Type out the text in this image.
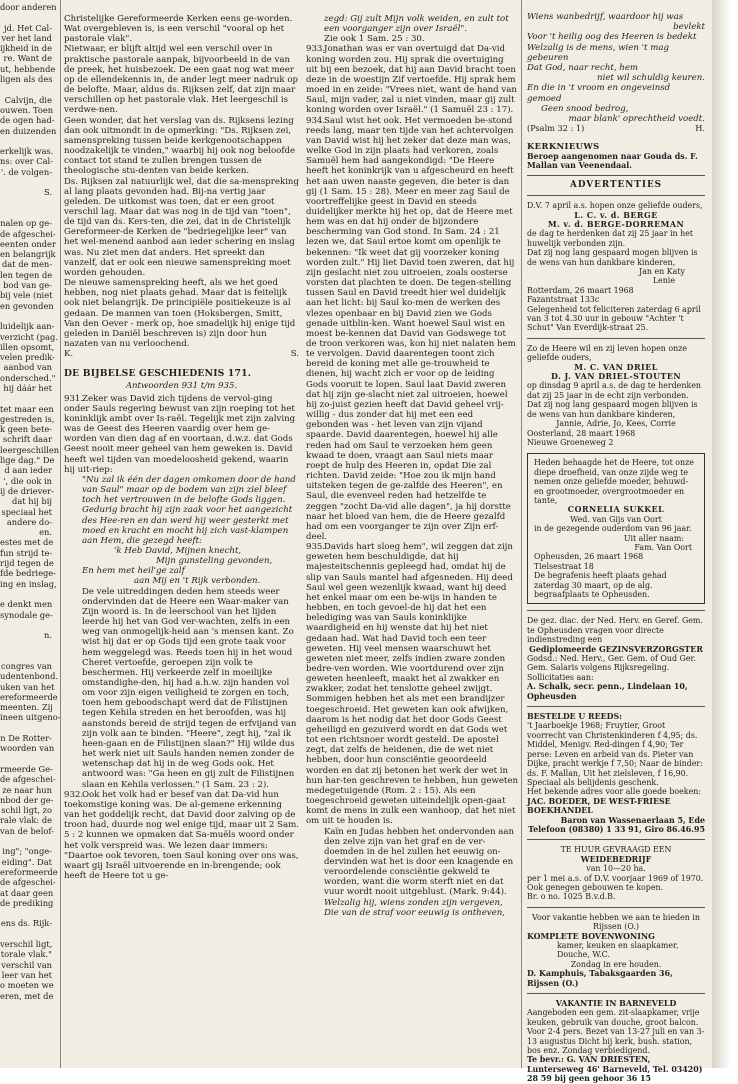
door anderen

jd. Het Cal-

ver het land

ijkheid in de

re. Want de

ut, hebbende

ligen als des

Calvijn, die

ouwen. Toen

de ogen had-

en duizenden

erkelijk was.

ns: over Cal-

'. de volgen-

S.

nalen op ge-

de afgeschei-

eenten onder

en belangrijk

dat de men-

len tegen de

bod van ge-

bij vele (niet

en gevonden

luidelijk aan-

verzicht (pag.

illen opsomt,

velen predik-

aanbod van

ondersched."

hij dáár het

tet maar een

gestreden is,

k geen bete-

schrift daar

leergeschillen

lige dag." De

d aan ieder

', die ook in

ij de driever-

dat hij bij

speciaal het

andere do-

en.

estes met de

fun strijd te-

rijd tegen de

fde bedriege-

ing en inslag,

e denkt men

synodale ge-

n.

congres van

udentenbond.

uken van het

ereformeerde

meenten. Zij

ineen uitgeno-

n De Rotter-

woorden van

rmeerde Ge-

de afgeschei-

ze naar hun

nbod der ge-

schil ligt, zo

rale vlak: de

van de belof-

ing"; "onge-

eiding". Dat

ereformeerde

de afgeschei-

at daar geen

de prediking

ens ds. Rijk-

verschil ligt,

torale vlak."

verschil van

leer van het

o moeten we

eren, met de

Christelijke Gereformeerde Kerken eens ge-worden. Wat overgebleven is, is een verschil "vooral op het pastorale vlak".

Nietwaar, er blijft altijd wel een verschil over in praktische pastorale aanpak, bijvoorbeeld in de van de preek, het huisbezoek. De een gaat nog wat meer op de ellendekennis in, de ander legt meer nadruk op de belofte. Maar, aldus ds. Rijksen zelf, dat zijn maar verschillen op het pastorale vlak. Het leergeschil is verdwe-nen.

Geen wonder, dat het verslag van ds. Rijksens lezing dan ook uitmondt in de opmerking: "Ds. Rijksen zei, samenspreking tussen beide kerkgenootschappen noodzakelijk te vinden," waarbij hij ook nog beloofde contact tot stand te zullen brengen tussen de theologische stu-denten van beide kerken.

Ds. Rijksen zal natuurlijk wel, dat die sa-menspreking al lang plaats gevonden had. Bij-na vertig jaar geleden. De uitkomst was toen, dat er een groot verschil lag. Maar dat was nog in de tijd van "toen", de tijd van ds. Kers-ten, die zei, dat in de Christelijk Gereformeer-de Kerken de "bedriegelijke leer" van het wel-menend aanbod aan ieder schering en inslag was. Nu ziet men dat anders. Het spreekt dan vanzelf, dat er ook een nieuwe samenspreking moet worden gehouden.

De nieuwe samenspreking heeft, als we het goed hebben, nog niet plaats gehad. Maar dat is feitelijk ook niet belangrijk. De principiële positiekeuze is al gedaan. De mannen van toen (Hoksbergen, Smitt, Van den Oever - merk op, hoe smadelijk hij enige tijd geleden in Daniël beschreven is) zijn door hun nazaten van nu verloochend.

K.	S.
DE BIJBELSE GESCHIEDENIS 171.
Antwoorden 931 t/m 935.

931.Zeker was David zich tijdens de vervol-ging onder Sauls regering bewust van zijn roeping tot het koninklijk ambt over Is-raël. Tegelijk met zijn zalving was de Geest des Heeren vaardig over hem ge-worden van dien dag af en voortaan, d.w.z. dat Gods Geest nooit meer geheel van hem geweken is. David heeft wel tijden van moedeloosheid gekend, waarin hij uit-riep:

"Nu zal ik één der dagen omkomen door de hand van Saul" maar op de bodem van zijn ziel bleef toch het vertrouwen in de belofte Gods liggen. Gedurig bracht hij zijn zaak voor het aangezicht des Hee-ren en dan werd hij weer gesterkt met moed en kracht en mocht hij zich vast-klampen aan Hem, die gezegd heeft:

'k Heb David, Mijnen knecht,

Mijn gunsteling gevonden,

En hem met heil'ge zalf

aan Mij en 't Rijk verbonden.

De vele uitreddingen deden hem steeds weer ondervinden dat de Heere een Waar-maker van Zijn woord is. In de leerschool van het lijden leerde hij het van God ver-wachten, zelfs in een weg van onmogelijk-heid aan 's mensen kant. Zo wist hij dat er op Gods tijd een grote taak voor hem weggelegd was. Reeds toen hij in het woud Cheret vertoefde, geroepen zijn volk te beschermen. Hij verkeerde zelf in moeilijke omstandighe-den, hij had a.h.w. zijn handen vol om voor zijn eigen veiligheid te zorgen en toch, toen hem geboodschapt werd dat de Filistijnen tegen Kehila streden en het beroofden, was hij aanstonds bereid de strijd tegen de erfvijand van zijn volk aan te binden. "Heere", zegt hij, "zal ik heen-gaan en de Filistijnen slaan?" Hij wilde dus het werk niet uit Sauls handen nemen zonder de wetenschap dat hij in de weg Gods ook. Het antwoord was: "Ga heen en gij zult de Filistijnen slaan en Kehila verlossen." (1 Sam. 23 : 2).

932.Ook het volk had er besef van dat Da-vid hun toekomstige koning was. De al-gemene erkenning van het goddelijk recht, dat David door zalving op de troon had, duurde nog wel enige tijd, maar uit 2 Sam. 5 : 2 kunnen we opmaken dat Sa-muëls woord onder het volk verspreid was. We lezen daar immers: "Daartoe ook tevoren, toen Saul koning over ons was, waart gij Israël uitvoerende en in-brengende; ook heeft de Heere tot u ge-

zegd: Gij zult Mijn volk weiden, en zult tot een voorganger zijn over Israël".

Zie ook 1 Sam. 25 : 30.

933.Jonathan was er van overtuigd dat Da-vid koning worden zou. Hij sprak die overtuiging uit bij een bezoek, dat hij aan David bracht toen deze in de woestijn Zif vertoefde. Hij sprak hem moed in en zeide: "Vrees niet, want de hand van Saul, mijn vader, zal u niet vinden, maar gij zult koning worden over Israël." (1 Samuël 23 : 17).

934.Saul wist het ook. Het vermoeden be-stond reeds lang, maar ten tijde van het achtervolgen van David wist hij het zeker dat deze man was, welke God in zijn plaats had verkoren, zoals Samuël hem had aangekondigd: "De Heere heeft het koninkrijk van u afgescheurd en heeft het aan uwen naaste gegeven, die beter is dan gij (1 Sam. 15 : 28). Meer en meer zag Saul de voortreffelijke geest in David en steeds duidelijker merkte hij het op, dat de Heere met hem was en dat hij onder de bijzondere bescherming van God stond. In Sam. 24 : 21 lezen we, dat Saul ertoe komt om openlijk te bekennen: "Ik weet dat gij voorzeker koning worden zult." Hij liet David toen zweren, dat hij zijn geslacht niet zou uitroeien, zoals oosterse vorsten dat plachten te doen. De tegen-stelling tussen Saul en David treedt hier wel duidelijk aan het licht: bij Saul ko-men de werken des vlezes openbaar en bij David zien we Gods genade uitblin-ken. Want hoewel Saul wist en moest be-kennen dat David van Godswege tot de troon verkoren was, kon hij niet nalaten hem te vervolgen. David daarentegen toont zich bereid de koning met alle ge-trouwheid te dienen, hij wacht zich er voor op de leiding Gods vooruit te lopen. Saul laat David zweren dat hij zijn ge-slacht niet zal uitroeien, hoewel hij zo-juist gezien heeft dat David geheel vrij-willig - dus zonder dat hij met een eed gebonden was - het leven van zijn vijand spaarde. David daarentegen, hoewel hij alle reden had om Saul te verzoeken hem geen kwaad te doen, vraagt aan Saul niets maar roept de hulp des Heeren in, opdat Die zal richten. David zeide: "Hoe zou ik mijn hand uitsteken tegen de ge-zalfde des Heeren", en Saul, die evenveel reden had hetzelfde te zeggen "zocht Da-vid alle dagen", ja hij dorstte naar het bloed van hem, die de Heere gezalfd had om een voorganger te zijn over Zijn erf-deel.

935.Davids hart sloeg hem", wil zeggen dat zijn geweten hem beschuldigde, dat hij majesteitschennis gepleegd had, omdat hij de slip van Sauls mantel had afgesneden. Hij deed Saul wel geen wezenlijk kwaad, want hij deed het enkel maar om een be-wijs in handen te hebben, en toch gevoel-de hij dat het een belediging was van Sauls koninklijke waardigheid en hij wenste dat hij het niet gedaan had. Wat had David toch een teer geweten. Hij veel mensen waarschuwt het geweten niet meer, zelfs indien zware zonden bedre-ven worden. Wie voortdurend over zijn geweten heenleeft, maakt het al zwakker en zwakker, zodat het tenslotte geheel zwijgt. Sommigen hebben het als met een brandijzer toegeschroeid. Het geweten kan ook afwijken, daarom is het nodig dat het door Gods Geest geheiligd en gezuiverd wordt en dat Gods wet tot een richtsnoer wordt gesteld. De apostel zegt, dat zelfs de heidenen, die de wet niet hebben, door hun consciëntie geoordeeld worden en dat zij betonen het werk der wet in hun har-ten geschreven te hebben, hun geweten medegetuigende (Rom. 2 : 15). Als een toegeschroeid geweten uiteindelijk open-gaat komt de mens in zulk een wanhoop, dat het niet om uit te houden is.

Kaïn en Judas hebben het ondervonden aan den zelve zijn van het graf en de ver-doemden in de hel zullen het eeuwig on-dervinden wat het is door een knagende en veroordelende consciëntie gekweld te worden, want die worm sterft niet en dat vuur wordt nooit uitgeblust. (Mark. 9:44).

Welzalig hij, wiens zonden zijn vergeven, Die van de straf voor eeuwig is ontheven,

Wiens wanbedrijf, waardoor hij was

bevlekt

Voor 't heilig oog des Heeren is bedekt

Welzalig is de mens, wien 't mag gebeuren

Dat God, naar recht, hem

niet wil schuldig keuren.

En die in 't vroom en ongeveinsd gemoed

Geen snood bedrog,

maar blank' oprechtheid voedt.

(Psalm 32 : 1)	H.
KERKNIEUWS

Beroep aangenomen naar Gouda ds. F. Mallan van Veenendaal.

ADVERTENTIES

D.V. 7 april a.s. hopen onze geliefde ouders,

L. C. v. d. BERGE

M. v. d. BERGE-DORREMAN

de dag te herdenken dat zij 25 jaar in het huwelijk verbonden zijn.

Dat zij nog lang gespaard mogen blijven is de wens van hun dankbare kinderen,

Jan en Katy

Lenie

Rotterdam, 26 maart 1968

Fazantstraat 133c

Gelegenheid tot feliciteren zaterdag 6 april van 3 tot 4.30 uur in gebouw "Achter 't Schut" Van Everdijk-straat 25.

Zo de Heere wil en zij leven hopen onze geliefde ouders,

M. C. VAN DRIEL

D. J. VAN DRIEL-STOUTEN

op dinsdag 9 april a.s. de dag te herdenken dat zij 25 jaar in de echt zijn verbonden.

Dat zij nog lang gespaard mogen blijven is de wens van hun dankbare kinderen,

Jannie, Adrie, Jo, Kees, Corrie

Oosterland, 28 maart 1968

Nieuwe Groeneweg 2

Heden behaagde het de Heere, tot onze diepe droefheid, van onze zijde weg te nemen onze geliefde moeder, behuwd- en grootmoeder, overgrootmoeder en tante,

CORNELIA SUKKEL

Wed. van Gijs van Oort

in de gezegende ouderdom van 96 jaar.

Uit aller naam:

Fam. Van Oort

Opheusden, 26 maart 1968

Tielsestraat 18

De begrafenis heeft plaats gehad zaterdag 30 maart, op de alg. begraafplaats te Opheusden.

De gez. diac. der Ned. Herv. en Geref. Gem. te Opheusden vragen voor directe indienstreding een

Gediplomeerde GEZINSVERZORGSTER

Godsd.: Ned. Herv., Ger. Gem. of Oud Ger. Gem. Salaris volgens Rijksregeling. Sollicitaties aan:

A. Schalk, secr. penn., Lindelaan 10, Opheusden

BESTELDE U REEDS:

't Jaarboekje 1968; Fruytier, Groot voorrecht van Christenkinderen f 4,95; ds. Middel, Menigv. Red-dingen f 4,90; Ter perse: Leven en arbeid van ds. Pieter van Dijke, pracht werkje f 7,50; Naar de binder: ds. F. Mallan, Uit het zielsleven, f 16,90. Speciaal als belijdenis geschenk.

Het bekende adres voor alle goede boeken:

JAC. BOEDER, DE WEST-FRIESE BOEKHANDEL

Baron van Wassenaerlaan 5, Ede

Telefoon (08380) 1 33 91, Giro 86.46.95

TE HUUR GEVRAAGD EEN

WEIDEBEDRIJF

van 10—20 ha.

per 1 mei a.s. of D.V. voorjaar 1969 of 1970. Ook genegen gebouwen te kopen.

Br. o no. 1025 B.v.d.B.

Voor vakantie hebben we aan te bieden in Rijssen (O.)

KOMPLETE BOVENWONING

kamer, keuken en slaapkamer, Douche, W.C.

Zondag in ere houden.

D. Kamphuis, Tabaksgaarden 36, Rijssen (O.)

VAKANTIE IN BARNEVELD

Aangeboden een gem. zit-slaapkamer, vrije keuken, gebruik van douche, groot balcon. Voor 2-4 pers. Bezet van 13-27 juli en van 3-13 augustus Dicht bij kerk, bush. station, bos enz. Zondag verbiedigend.

Te bevr.: G. VAN DRIESTEN, Lunterseweg 46' Barneveld, Tel. 03420) 28 59 bij geen gehoor 36 15
